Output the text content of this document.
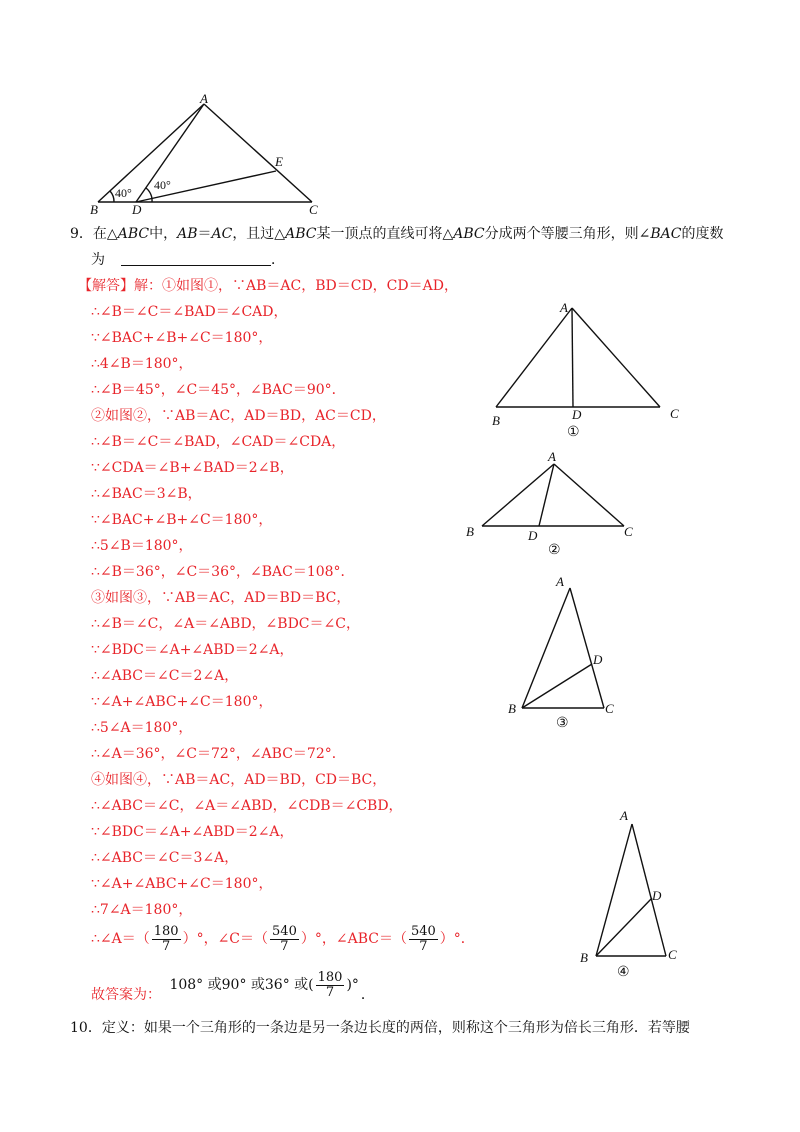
A
E
B	D	C
40°
40°
9．在△ABC中，AB＝AC，且过△ABC某一顶点的直线可将△ABC分成两个等腰三角形，则∠BAC的度数
为	．
【解答】解：①如图①，∵AB＝AC，BD＝CD，CD＝AD，
∴∠B＝∠C＝∠BAD＝∠CAD，
∵∠BAC+∠B+∠C＝180°，
∴4∠B＝180°，
∴∠B＝45°，∠C＝45°，∠BAC＝90°．
②如图②，∵AB＝AC，AD＝BD，AC＝CD，
∴∠B＝∠C＝∠BAD，∠CAD＝∠CDA，
∵∠CDA＝∠B+∠BAD＝2∠B，
∴∠BAC＝3∠B，
∵∠BAC+∠B+∠C＝180°，
∴5∠B＝180°，
∴∠B＝36°，∠C＝36°，∠BAC＝108°．
③如图③，∵AB＝AC，AD＝BD＝BC，
∴∠B＝∠C，∠A＝∠ABD，∠BDC＝∠C，
∵∠BDC＝∠A+∠ABD＝2∠A，
∴∠ABC＝∠C＝2∠A，
∵∠A+∠ABC+∠C＝180°，
∴5∠A＝180°，
∴∠A＝36°，∠C＝72°，∠ABC＝72°．
④如图④，∵AB＝AC，AD＝BD，CD＝BC，
∴∠ABC＝∠C，∠A＝∠ABD，∠CDB＝∠CBD，
∵∠BDC＝∠A+∠ABD＝2∠A，
∴∠ABC＝∠C＝3∠A，
∵∠A+∠ABC+∠C＝180°，
∴7∠A＝180°，
∴∠A＝（ $\frac{180}{7}$ ）°，∠C＝（ $\frac{540}{7}$ ）°，∠ABC＝（ $\frac{540}{7}$ ）°．
故答案为： 108° 或90° 或36° 或( $\frac{180}{7}$ )°．
10．定义：如果一个三角形的一条边是另一条边长度的两倍，则称这个三角形为倍长三角形．若等腰
A
B	D	C
①
A
B	D	C
②
A
D
B	C
③
A
D
B	C
④
